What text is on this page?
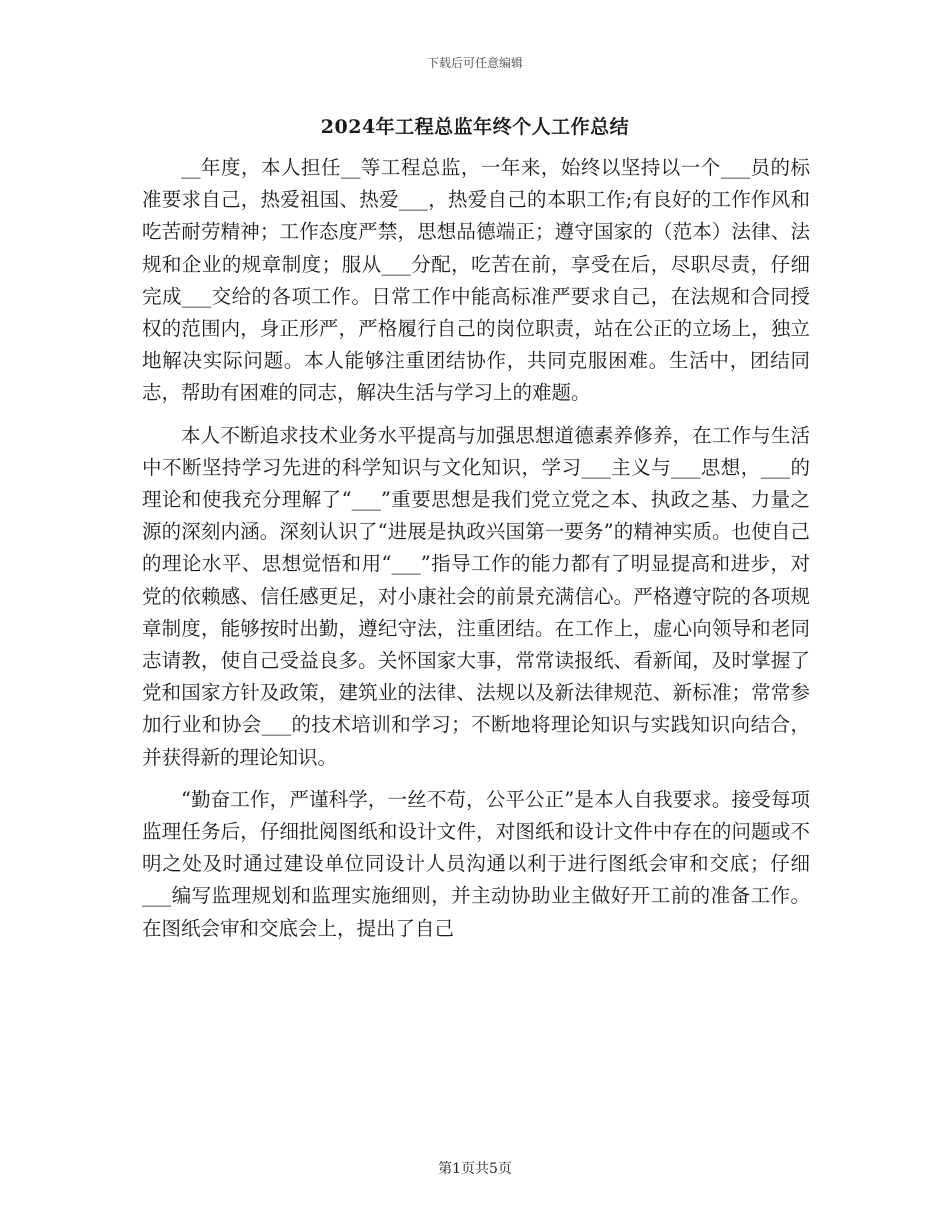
下载后可任意编辑
2024年工程总监年终个人工作总结

__年度，本人担任__等工程总监，一年来，始终以坚持以一个___员的标准要求自己，热爱祖国、热爱___，热爱自己的本职工作;有良好的工作作风和吃苦耐劳精神；工作态度严禁，思想品德端正；遵守国家的（范本）法律、法规和企业的规章制度；服从___分配，吃苦在前，享受在后，尽职尽责，仔细完成___交给的各项工作。日常工作中能高标准严要求自己，在法规和合同授权的范围内，身正形严，严格履行自己的岗位职责，站在公正的立场上，独立地解决实际问题。本人能够注重团结协作，共同克服困难。生活中，团结同志，帮助有困难的同志，解决生活与学习上的难题。

本人不断追求技术业务水平提高与加强思想道德素养修养，在工作与生活中不断坚持学习先进的科学知识与文化知识，学习___主义与___思想，___的理论和使我充分理解了“___”重要思想是我们党立党之本、执政之基、力量之源的深刻内涵。深刻认识了“进展是执政兴国第一要务”的精神实质。也使自己的理论水平、思想觉悟和用“___”指导工作的能力都有了明显提高和进步，对党的依赖感、信任感更足，对小康社会的前景充满信心。严格遵守院的各项规章制度，能够按时出勤，遵纪守法，注重团结。在工作上，虚心向领导和老同志请教，使自己受益良多。关怀国家大事，常常读报纸、看新闻，及时掌握了党和国家方针及政策，建筑业的法律、法规以及新法律规范、新标准；常常参加行业和协会___的技术培训和学习；不断地将理论知识与实践知识向结合，并获得新的理论知识。

“勤奋工作，严谨科学，一丝不苟，公平公正”是本人自我要求。接受每项监理任务后，仔细批阅图纸和设计文件，对图纸和设计文件中存在的问题或不明之处及时通过建设单位同设计人员沟通以利于进行图纸会审和交底；仔细___编写监理规划和监理实施细则，并主动协助业主做好开工前的准备工作。在图纸会审和交底会上，提出了自己

第1页共5页
